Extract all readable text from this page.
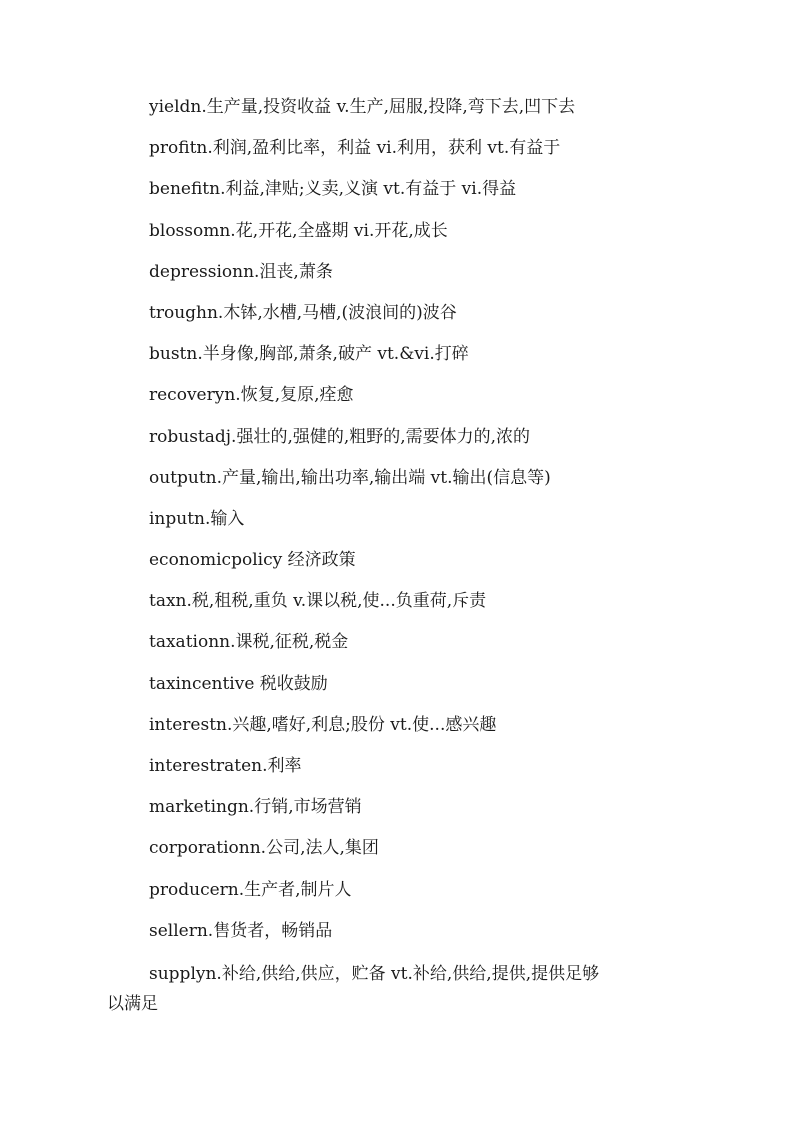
yieldn.生产量,投资收益 v.生产,屈服,投降,弯下去,凹下去
profitn.利润,盈利比率，利益 vi.利用，获利 vt.有益于
benefitn.利益,津贴;义卖,义演 vt.有益于 vi.得益
blossomn.花,开花,全盛期 vi.开花,成长
depressionn.沮丧,萧条
troughn.木钵,水槽,马槽,(波浪间的)波谷
bustn.半身像,胸部,萧条,破产 vt.&vi.打碎
recoveryn.恢复,复原,痊愈
robustadj.强壮的,强健的,粗野的,需要体力的,浓的
outputn.产量,输出,输出功率,输出端 vt.输出(信息等)
inputn.输入
economicpolicy 经济政策
taxn.税,租税,重负 v.课以税,使...负重荷,斥责
taxationn.课税,征税,税金
taxincentive 税收鼓励
interestn.兴趣,嗜好,利息;股份 vt.使...感兴趣
interestraten.利率
marketingn.行销,市场营销
corporationn.公司,法人,集团
producern.生产者,制片人
sellern.售货者，畅销品
supplyn.补给,供给,供应，贮备 vt.补给,供给,提供,提供足够
以满足
